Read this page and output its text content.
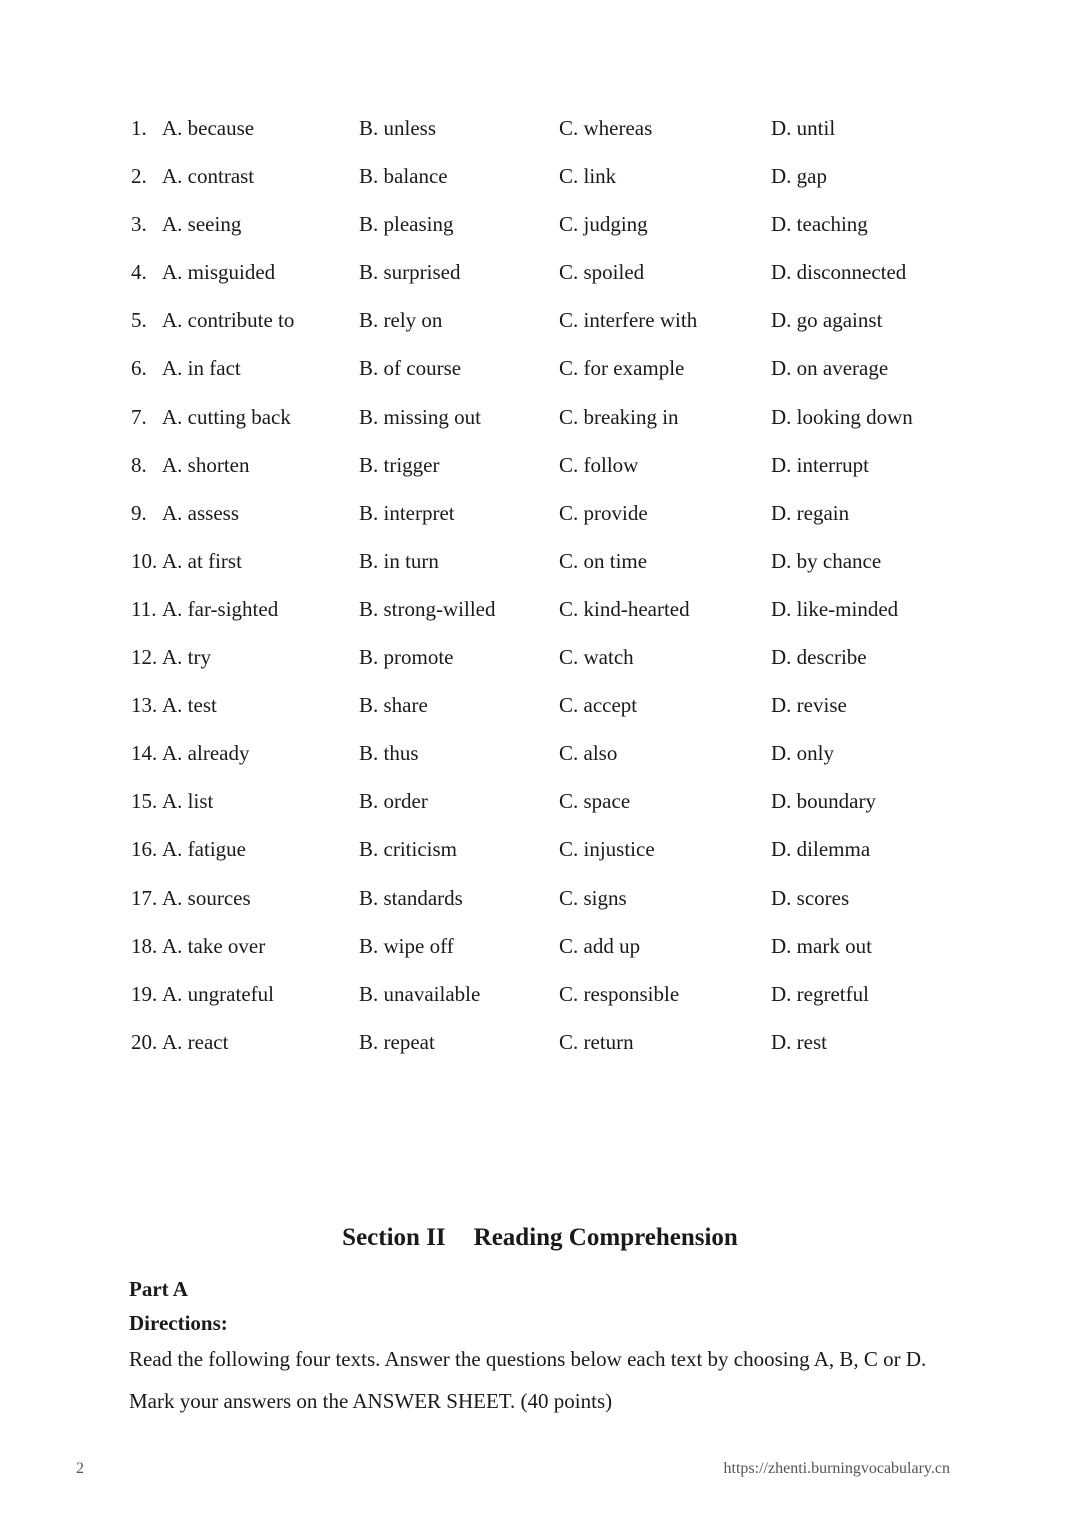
1. A. because	B. unless	C. whereas	D. until
2. A. contrast	B. balance	C. link	D. gap
3. A. seeing	B. pleasing	C. judging	D. teaching
4. A. misguided	B. surprised	C. spoiled	D. disconnected
5. A. contribute to	B. rely on	C. interfere with	D. go against
6. A. in fact	B. of course	C. for example	D. on average
7. A. cutting back	B. missing out	C. breaking in	D. looking down
8. A. shorten	B. trigger	C. follow	D. interrupt
9. A. assess	B. interpret	C. provide	D. regain
10. A. at first	B. in turn	C. on time	D. by chance
11. A. far-sighted	B. strong-willed	C. kind-hearted	D. like-minded
12. A. try	B. promote	C. watch	D. describe
13. A. test	B. share	C. accept	D. revise
14. A. already	B. thus	C. also	D. only
15. A. list	B. order	C. space	D. boundary
16. A. fatigue	B. criticism	C. injustice	D. dilemma
17. A. sources	B. standards	C. signs	D. scores
18. A. take over	B. wipe off	C. add up	D. mark out
19. A. ungrateful	B. unavailable	C. responsible	D. regretful
20. A. react	B. repeat	C. return	D. rest
Section II Reading Comprehension
Part A
Directions:
Read the following four texts. Answer the questions below each text by choosing A, B, C or D. Mark your answers on the ANSWER SHEET. (40 points)
2	https://zhenti.burningvocabulary.cn
